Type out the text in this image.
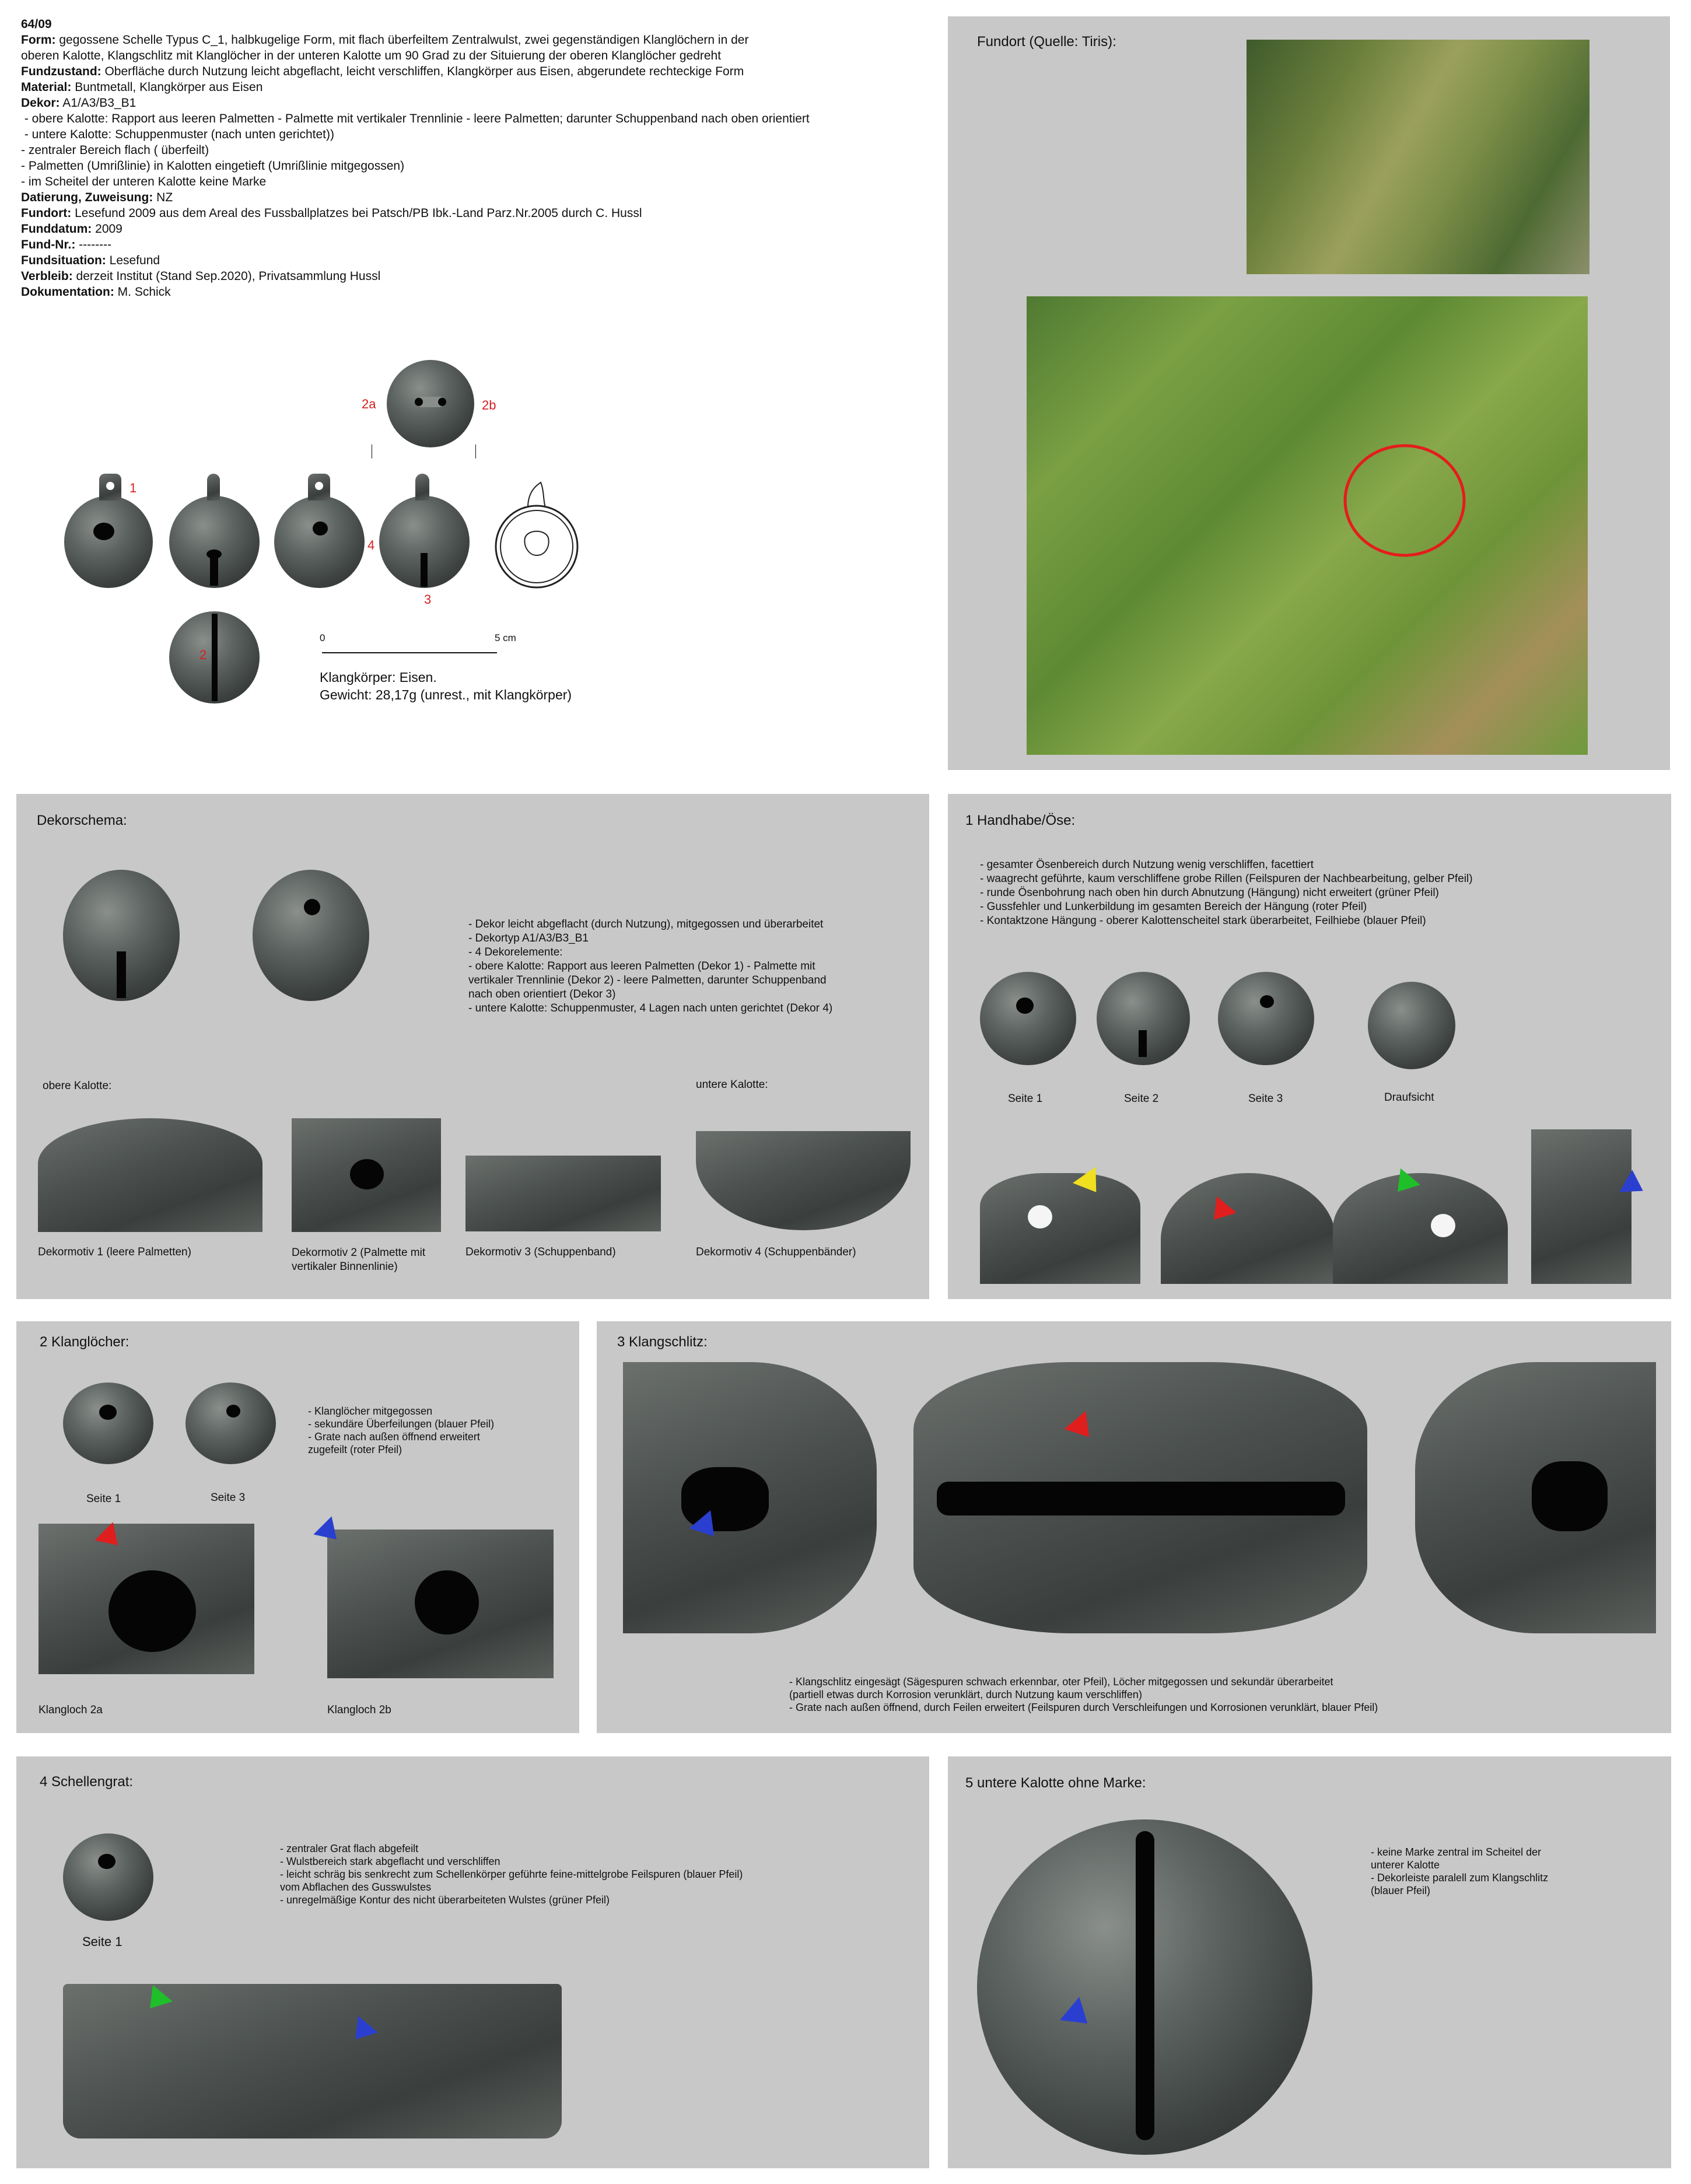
64/09
Form: gegossene Schelle Typus C_1, halbkugelige Form, mit flach überfeiltem Zentralwulst, zwei gegenständigen Klanglöchern in der
oberen Kalotte, Klangschlitz mit Klanglöcher in der unteren Kalotte um 90 Grad zu der Situierung der oberen Klanglöcher gedreht
Fundzustand: Oberfläche durch Nutzung leicht abgeflacht, leicht verschliffen, Klangkörper aus Eisen, abgerundete rechteckige Form
Material: Buntmetall, Klangkörper aus Eisen
Dekor: A1/A3/B3_B1
- obere Kalotte: Rapport aus leeren Palmetten - Palmette mit vertikaler Trennlinie - leere Palmetten; darunter Schuppenband nach oben orientiert
- untere Kalotte: Schuppenmuster (nach unten gerichtet))
- zentraler Bereich flach ( überfeilt)
- Palmetten (Umrißlinie) in Kalotten eingetieft (Umrißlinie mitgegossen)
- im Scheitel der unteren Kalotte keine Marke
Datierung, Zuweisung: NZ
Fundort: Lesefund 2009 aus dem Areal des Fussballplatzes bei Patsch/PB Ibk.-Land Parz.Nr.2005 durch C. Hussl
Funddatum: 2009
Fund-Nr.: --------
Fundsituation: Lesefund
Verbleib: derzeit Institut (Stand Sep.2020), Privatsammlung Hussl
Dokumentation: M. Schick
2a	2b
1
4
3
2
0	5 cm
Klangkörper: Eisen.
Gewicht: 28,17g (unrest., mit Klangkörper)
Fundort (Quelle: Tiris):
Dekorschema:
- Dekor leicht abgeflacht (durch Nutzung), mitgegossen und überarbeitet
- Dekortyp A1/A3/B3_B1
- 4 Dekorelemente:
- obere Kalotte: Rapport aus leeren Palmetten (Dekor 1) - Palmette mit
vertikaler Trennlinie (Dekor 2) - leere Palmetten, darunter Schuppenband
nach oben orientiert (Dekor 3)
- untere Kalotte: Schuppenmuster, 4 Lagen nach unten gerichtet (Dekor 4)
obere Kalotte:	untere Kalotte:
Dekormotiv 1 (leere Palmetten)	Dekormotiv 2 (Palmette mit
vertikaler Binnenlinie)
Dekormotiv 3 (Schuppenband)	Dekormotiv 4 (Schuppenbänder)
1 Handhabe/Öse:
- gesamter Ösenbereich durch Nutzung wenig verschliffen, facettiert
- waagrecht geführte, kaum verschliffene grobe Rillen (Feilspuren der Nachbearbeitung, gelber Pfeil)
- runde Ösenbohrung nach oben hin durch Abnutzung (Hängung) nicht erweitert (grüner Pfeil)
- Gussfehler und Lunkerbildung im gesamten Bereich der Hängung (roter Pfeil)
- Kontaktzone Hängung - oberer Kalottenscheitel stark überarbeitet, Feilhiebe (blauer Pfeil)
Seite 1	Seite 2	Seite 3	Draufsicht
2 Klanglöcher:
- Klanglöcher mitgegossen
- sekundäre Überfeilungen (blauer Pfeil)
- Grate nach außen öffnend erweitert
zugefeilt (roter Pfeil)
Seite 1	Seite 3
Klangloch 2a	Klangloch 2b
3 Klangschlitz:
- Klangschlitz eingesägt (Sägespuren schwach erkennbar, oter Pfeil), Löcher mitgegossen und sekundär überarbeitet
(partiell etwas durch Korrosion verunklärt, durch Nutzung kaum verschliffen)
- Grate nach außen öffnend, durch Feilen erweitert (Feilspuren durch Verschleifungen und Korrosionen verunklärt, blauer Pfeil)
4 Schellengrat:
Seite 1
- zentraler Grat flach abgefeilt
- Wulstbereich stark abgeflacht und verschliffen
- leicht schräg bis senkrecht zum Schellenkörper geführte feine-mittelgrobe Feilspuren (blauer Pfeil)
vom Abflachen des Gusswulstes
- unregelmäßige Kontur des nicht überarbeiteten Wulstes (grüner Pfeil)
5 untere Kalotte ohne Marke:
- keine Marke zentral im Scheitel der
unterer Kalotte
- Dekorleiste paralell zum Klangschlitz
(blauer Pfeil)
